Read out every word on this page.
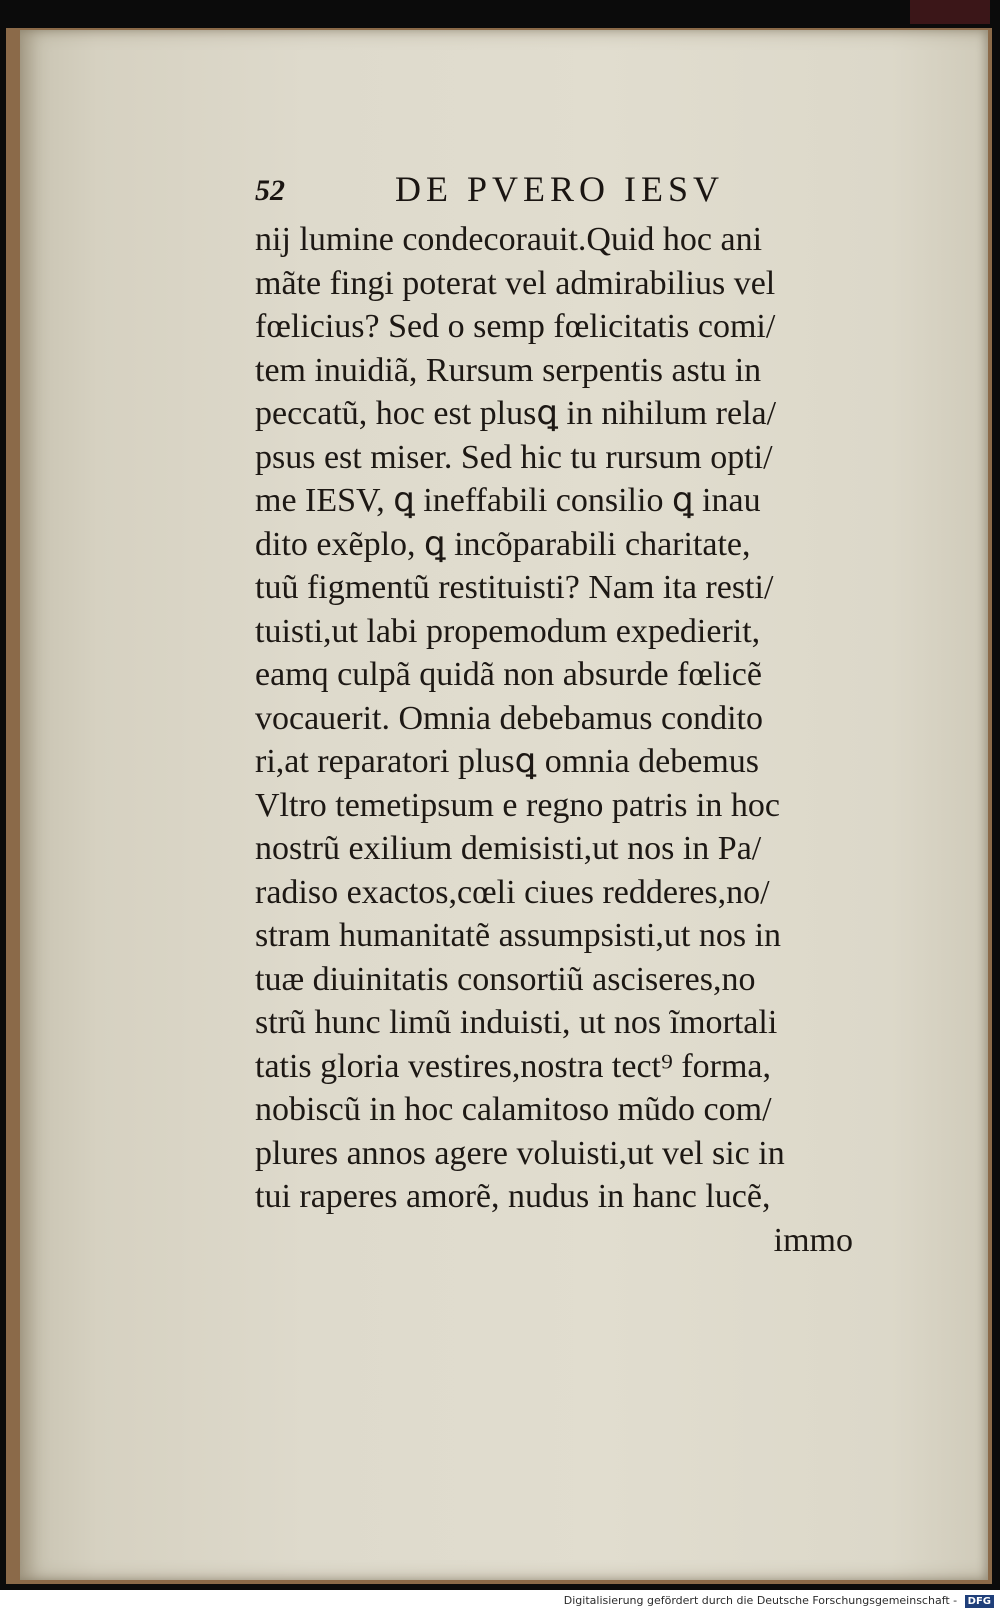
52	DE PVERO IESV
nij lumine condecorauit.Quid hoc ani
mãte fingi poterat vel admirabilius vel
fœlicius? Sed o semp fœlicitatis comi/
tem inuidiã, Rursum serpentis astu in
peccatũ, hoc est plusꝗ in nihilum rela/
psus est miser. Sed hic tu rursum opti/
me IESV, ꝗ ineffabili consilio ꝗ inau
dito exẽplo, ꝗ incõparabili charitate,
tuũ figmentũ restituisti? Nam ita resti/
tuisti,ut labi propemodum expedierit,
eamq culpã quidã non absurde fœlicẽ
vocauerit. Omnia debebamus condito
ri,at reparatori plusꝗ omnia debemus
Vltro temetipsum e regno patris in hoc
nostrũ exilium demisisti,ut nos in Pa/
radiso exactos,cœli ciues redderes,no/
stram humanitatẽ assumpsisti,ut nos in
tuæ diuinitatis consortiũ asciseres,no
strũ hunc limũ induisti, ut nos ĩmortali
tatis gloria vestires,nostra tect⁹ forma,
nobiscũ in hoc calamitoso mũdo com/
plures annos agere voluisti,ut vel sic in
tui raperes amorẽ, nudus in hanc lucẽ,
immo
Digitalisierung gefördert durch die Deutsche Forschungsgemeinschaft - DFG
